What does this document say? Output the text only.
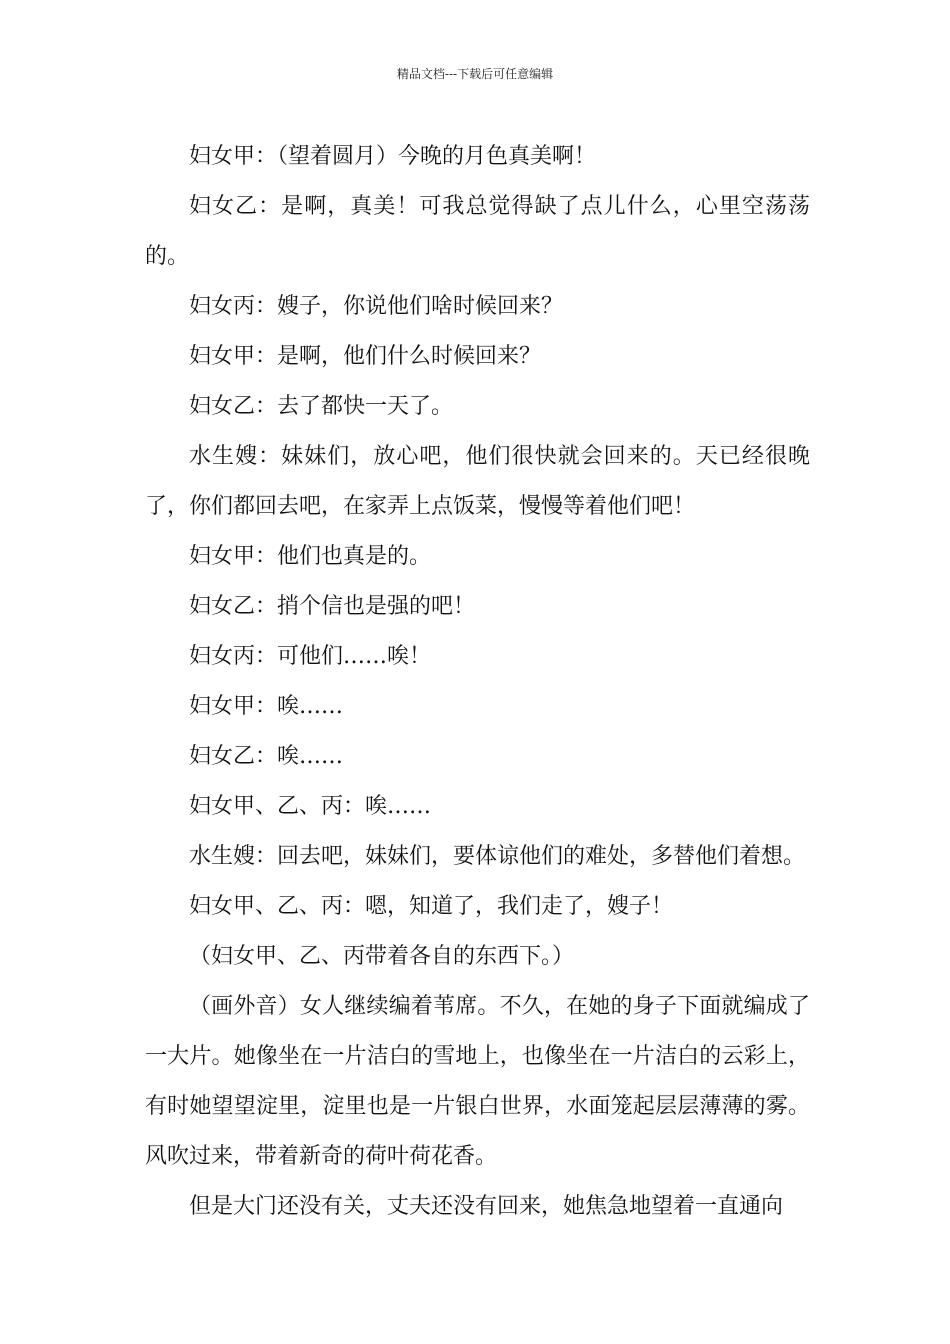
精品文档---下载后可任意编辑

妇女甲：（望着圆月）今晚的月色真美啊！

妇女乙：是啊，真美！可我总觉得缺了点儿什么，心里空荡荡的。

妇女丙：嫂子，你说他们啥时候回来？

妇女甲：是啊，他们什么时候回来？

妇女乙：去了都快一天了。

水生嫂：妹妹们，放心吧，他们很快就会回来的。天已经很晚了，你们都回去吧，在家弄上点饭菜，慢慢等着他们吧！

妇女甲：他们也真是的。

妇女乙：捎个信也是强的吧！

妇女丙：可他们……唉！

妇女甲：唉……

妇女乙：唉……

妇女甲、乙、丙：唉……

水生嫂：回去吧，妹妹们，要体谅他们的难处，多替他们着想。

妇女甲、乙、丙：嗯，知道了，我们走了，嫂子！

（妇女甲、乙、丙带着各自的东西下。）

（画外音）女人继续编着苇席。不久，在她的身子下面就编成了一大片。她像坐在一片洁白的雪地上，也像坐在一片洁白的云彩上，有时她望望淀里，淀里也是一片银白世界，水面笼起层层薄薄的雾。风吹过来，带着新奇的荷叶荷花香。

但是大门还没有关，丈夫还没有回来，她焦急地望着一直通向
